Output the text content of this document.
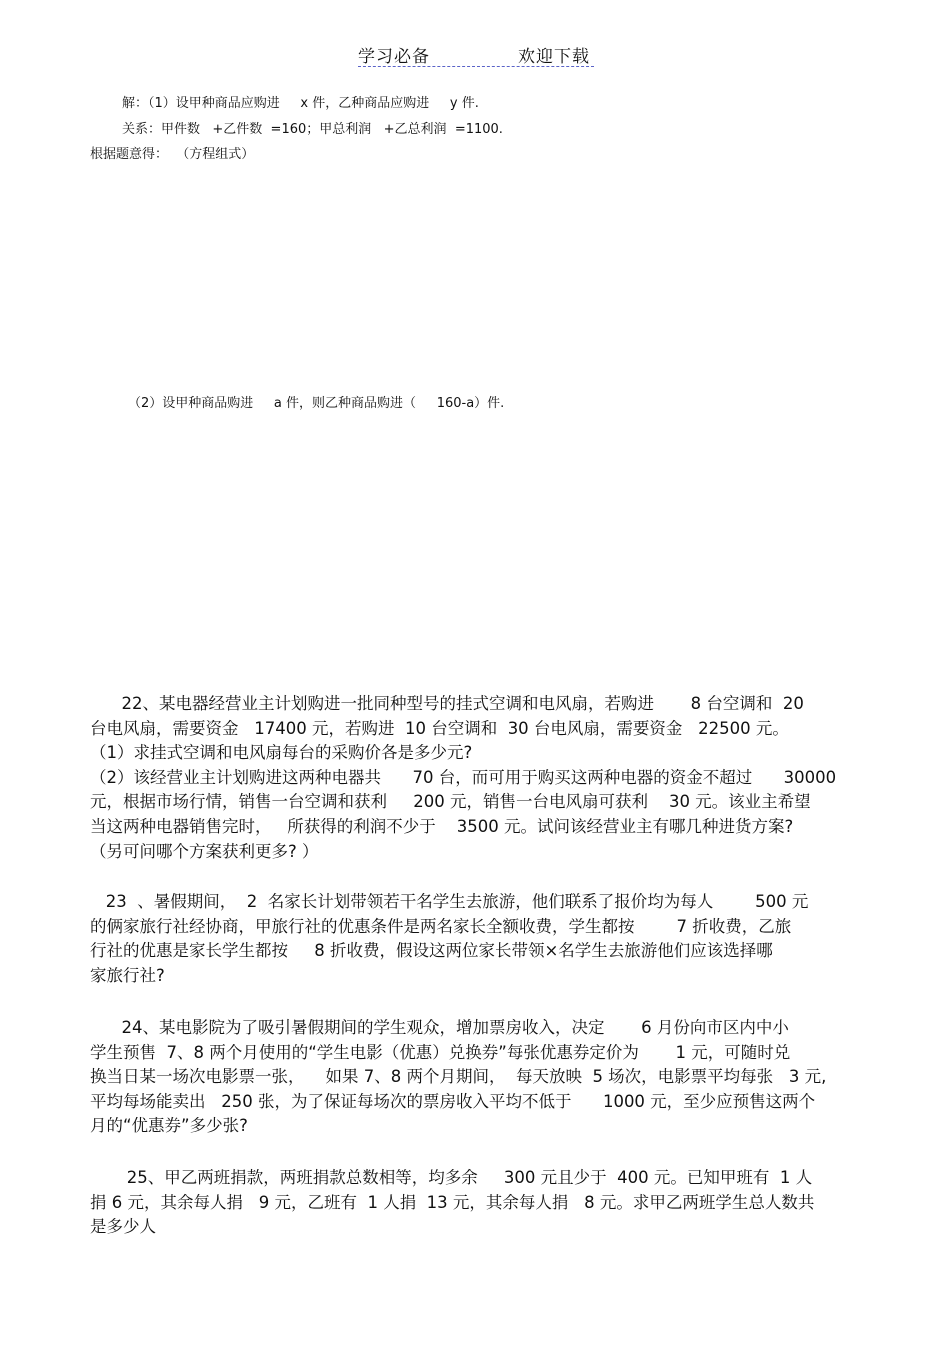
学习必备	欢迎下载
解：（1）设甲种商品应购进     x 件，乙种商品应购进     y 件.
关系：甲件数   +乙件数  =160；甲总利润   +乙总利润  =1100.
根据题意得：  （方程组式）
（2）设甲种商品购进     a 件，则乙种商品购进（     160-a）件.
22、某电器经营业主计划购进一批同种型号的挂式空调和电风扇，若购进       8 台空调和  20
台电风扇，需要资金   17400 元，若购进  10 台空调和  30 台电风扇，需要资金   22500 元。
（1）求挂式空调和电风扇每台的采购价各是多少元?
（2）该经营业主计划购进这两种电器共      70 台，而可用于购买这两种电器的资金不超过      30000
元，根据市场行情，销售一台空调和获利     200 元，销售一台电风扇可获利    30 元。该业主希望
当这两种电器销售完时，   所获得的利润不少于    3500 元。试问该经营业主有哪几种进货方案?
（另可问哪个方案获利更多? ）
23  、暑假期间，  2  名家长计划带领若干名学生去旅游，他们联系了报价均为每人        500 元
的俩家旅行社经协商，甲旅行社的优惠条件是两名家长全额收费，学生都按        7 折收费，乙旅
行社的优惠是家长学生都按     8 折收费，假设这两位家长带领×名学生去旅游他们应该选择哪
家旅行社?
24、某电影院为了吸引暑假期间的学生观众，增加票房收入，决定       6 月份向市区内中小
学生预售  7、8 两个月使用的“学生电影（优惠）兑换券”每张优惠券定价为       1 元，可随时兑
换当日某一场次电影票一张，    如果 7、8 两个月期间，  每天放映  5 场次，电影票平均每张   3 元,
平均每场能卖出   250 张，为了保证每场次的票房收入平均不低于      1000 元，至少应预售这两个
月的“优惠券”多少张?
25、甲乙两班捐款，两班捐款总数相等，均多余     300 元且少于  400 元。已知甲班有  1 人
捐 6 元，其余每人捐   9 元，乙班有  1 人捐  13 元，其余每人捐   8 元。求甲乙两班学生总人数共
是多少人
